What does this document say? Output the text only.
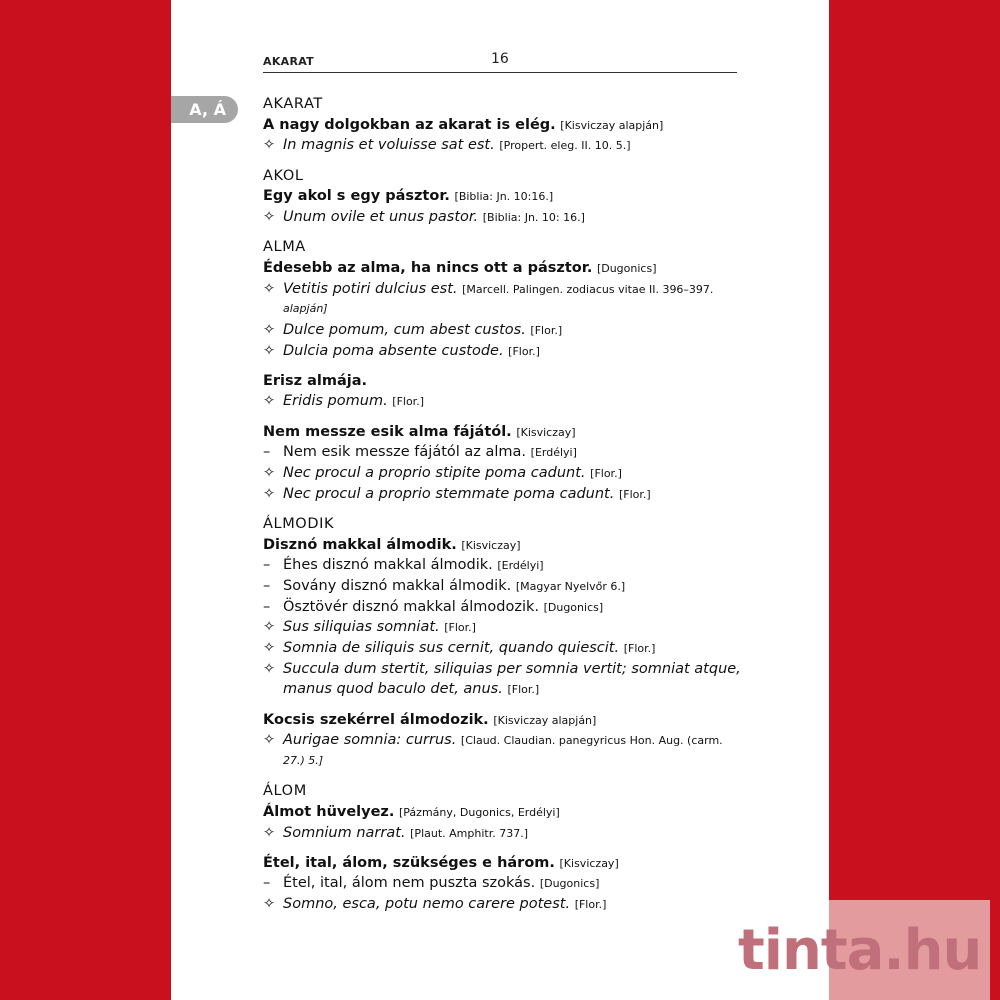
AKARAT	16
A, Á	AKARAT
A nagy dolgokban az akarat is elég. [Kisviczay alapján]
✧ In magnis et voluisse sat est. [Propert. eleg. II. 10. 5.]
AKOL
Egy akol s egy pásztor. [Biblia: Jn. 10:16.]
✧ Unum ovile et unus pastor. [Biblia: Jn. 10: 16.]
ALMA
Édesebb az alma, ha nincs ott a pásztor. [Dugonics]
✧ Vetitis potiri dulcius est. [Marcell. Palingen. zodiacus vitae II. 396–397.
alapján]
✧ Dulce pomum, cum abest custos. [Flor.]
✧ Dulcia poma absente custode. [Flor.]
Erisz almája.
✧ Eridis pomum. [Flor.]
Nem messze esik alma fájától. [Kisviczay]
– Nem esik messze fájától az alma. [Erdélyi]
✧ Nec procul a proprio stipite poma cadunt. [Flor.]
✧ Nec procul a proprio stemmate poma cadunt. [Flor.]
ÁLMODIK
Disznó makkal álmodik. [Kisviczay]
– Éhes disznó makkal álmodik. [Erdélyi]
– Sovány disznó makkal álmodik. [Magyar Nyelvőr 6.]
– Ösztövér disznó makkal álmodozik. [Dugonics]
✧ Sus siliquias somniat. [Flor.]
✧ Somnia de siliquis sus cernit, quando quiescit. [Flor.]
✧ Succula dum stertit, siliquias per somnia vertit; somniat atque,
manus quod baculo det, anus. [Flor.]
Kocsis szekérrel álmodozik. [Kisviczay alapján]
✧ Aurigae somnia: currus. [Claud. Claudian. panegyricus Hon. Aug. (carm.
27.) 5.]
ÁLOM
Álmot hüvelyez. [Pázmány, Dugonics, Erdélyi]
✧ Somnium narrat. [Plaut. Amphitr. 737.]
Étel, ital, álom, szükséges e három. [Kisviczay]
– Étel, ital, álom nem puszta szokás. [Dugonics]
✧ Somno, esca, potu nemo carere potest. [Flor.]
tinta.hu
